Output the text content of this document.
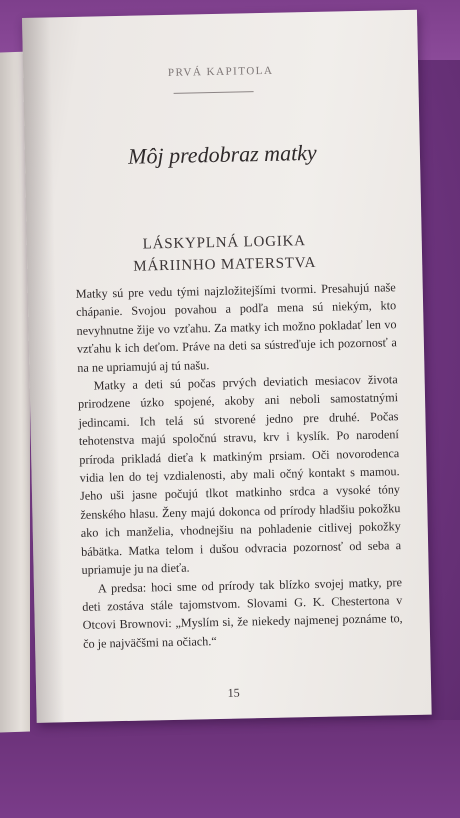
PRVÁ KAPITOLA
Môj predobraz matky
LÁSKYPLNÁ LOGIKA
MÁRIINHO MATERSTVA

Matky sú pre vedu tými najzložitejšími tvormi. Presahujú naše chápanie. Svojou povahou a podľa mena sú niekým, kto nevyhnutne žije vo vzťahu. Za matky ich možno pokladať len vo vzťahu k ich deťom. Práve na deti sa sústreďuje ich pozornosť a na ne upriamujú aj tú našu.

Matky a deti sú počas prvých deviatich mesiacov života prirodzene úzko spojené, akoby ani neboli samostatnými jedincami. Ich telá sú stvorené jedno pre druhé. Počas tehotenstva majú spoločnú stravu, krv i kyslík. Po narodení príroda prikladá dieťa k matkiným prsiam. Oči novorodenca vidia len do tej vzdialenosti, aby mali očný kontakt s mamou. Jeho uši jasne počujú tlkot matkinho srdca a vysoké tóny ženského hlasu. Ženy majú dokonca od prírody hladšiu pokožku ako ich manželia, vhodnejšiu na pohladenie citlivej pokožky bábätka. Matka telom i dušou odvracia pozornosť od seba a upriamuje ju na dieťa.

A predsa: hoci sme od prírody tak blízko svojej matky, pre deti zostáva stále tajomstvom. Slovami G. K. Chestertona v Otcovi Brownovi: „Myslím si, že niekedy najmenej poznáme to, čo je najväčšmi na očiach.“

15
